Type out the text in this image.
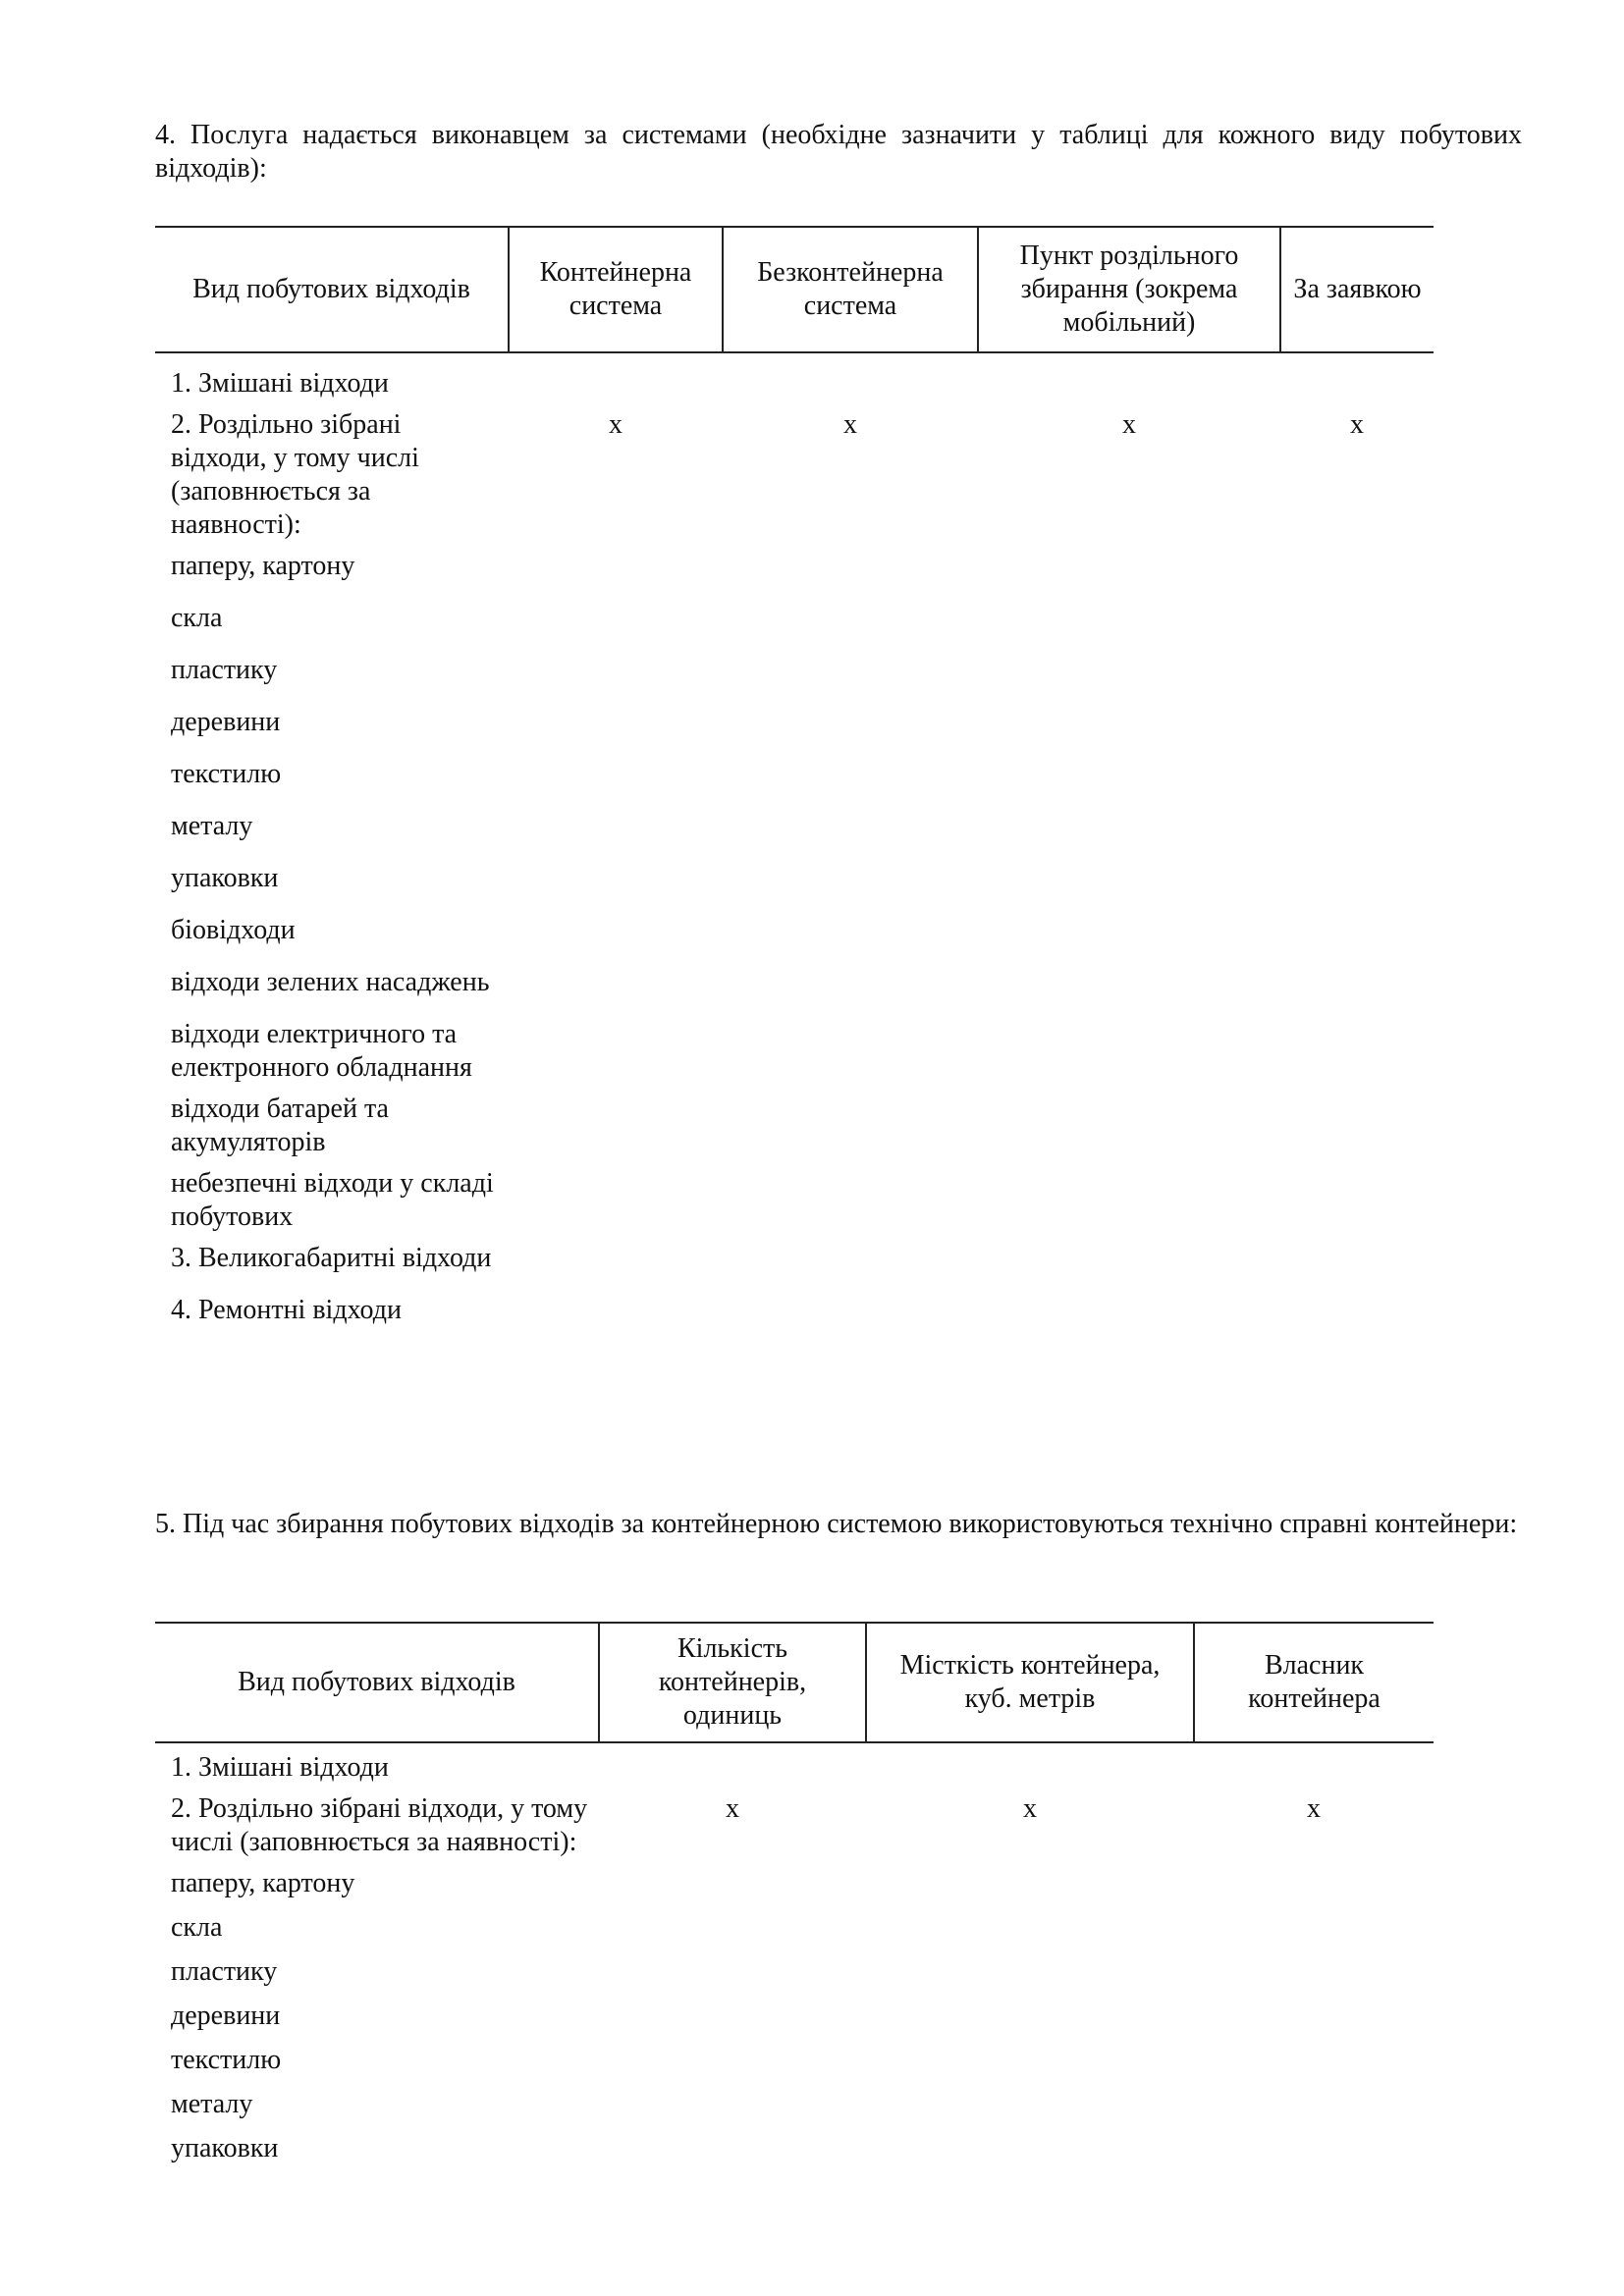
4. Послуга надається виконавцем за системами (необхідне зазначити у таблиці для кожного виду побутових відходів):

Вид побутових відходів	Контейнерна система	Безконтейнерна система	Пункт роздільного збирання (зокрема мобільний)	За заявкою
1. Змішані відходи				
2. Роздільно зібрані відходи, у тому числі (заповнюється за наявності):	х	х	х	х
паперу, картону				
скла				
пластику				
деревини				
текстилю				
металу				
упаковки				
біовідходи				
відходи зелених насаджень				
відходи електричного та електронного обладнання				
відходи батарей та акумуляторів				
небезпечні відходи у складі побутових				
3. Великогабаритні відходи				
4. Ремонтні відходи				

5. Під час збирання побутових відходів за контейнерною системою використовуються технічно справні контейнери:

Вид побутових відходів	Кількість контейнерів, одиниць	Місткість контейнера, куб. метрів	Власник контейнера
1. Змішані відходи			
2. Роздільно зібрані відходи, у тому числі (заповнюється за наявності):	х	х	х
паперу, картону			
скла			
пластику			
деревини			
текстилю			
металу			
упаковки			
